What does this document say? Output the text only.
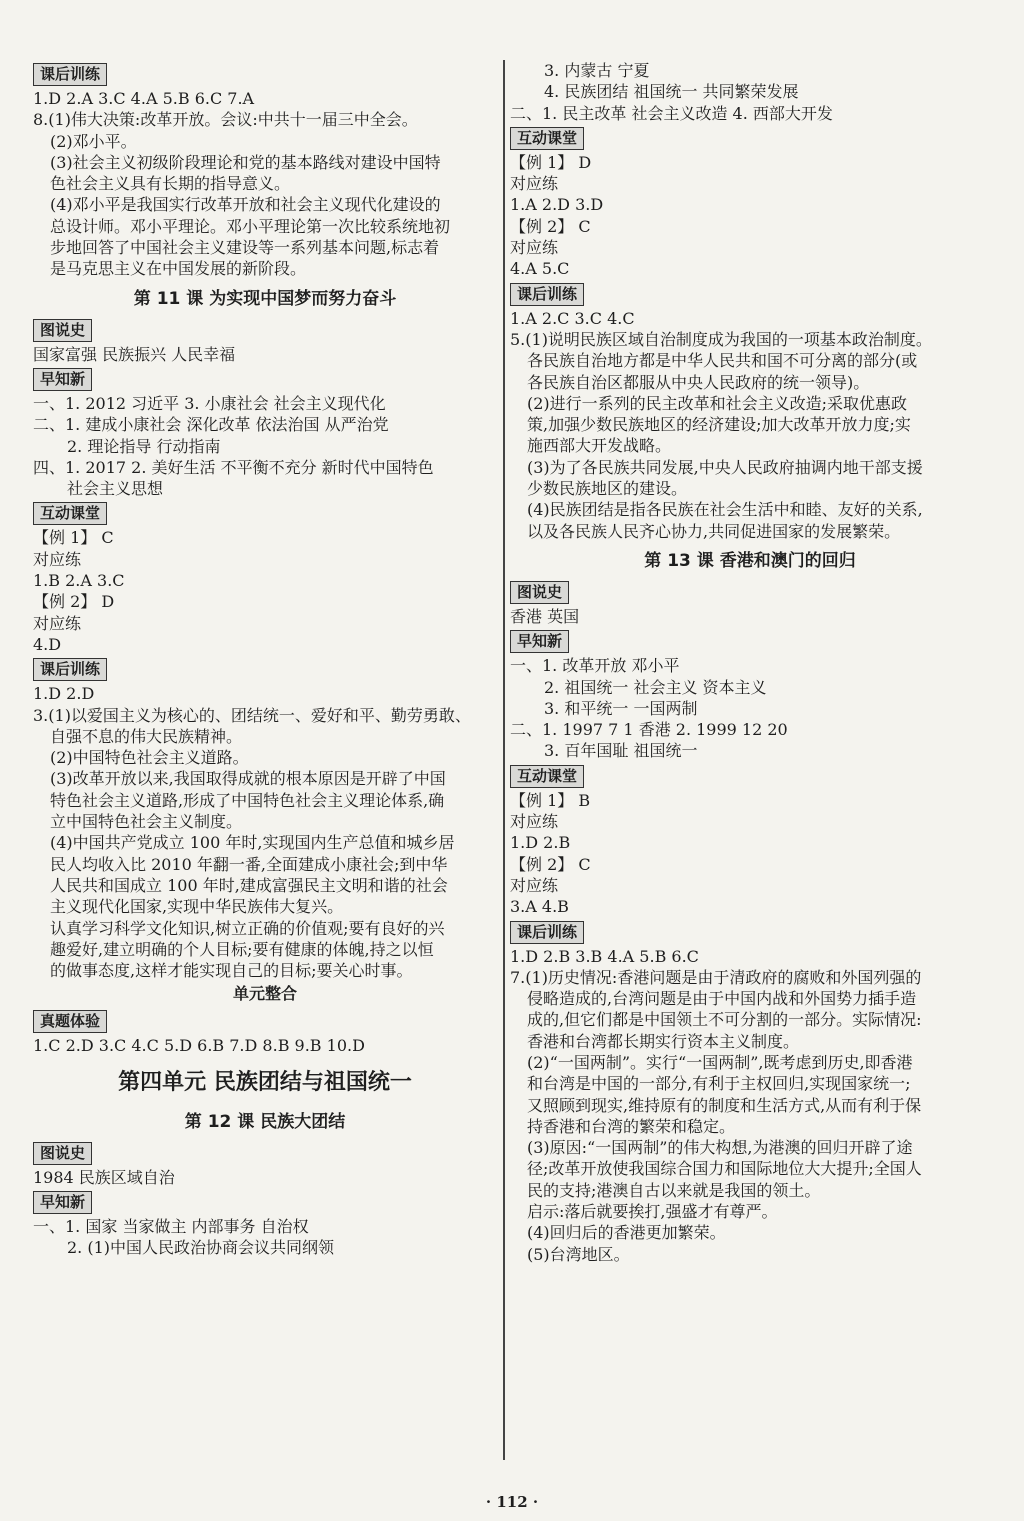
课后训练
1.D 2.A 3.C 4.A 5.B 6.C 7.A
8.(1)伟大决策:改革开放。会议:中共十一届三中全会。
(2)邓小平。
(3)社会主义初级阶段理论和党的基本路线对建设中国特
色社会主义具有长期的指导意义。
(4)邓小平是我国实行改革开放和社会主义现代化建设的
总设计师。邓小平理论。邓小平理论第一次比较系统地初
步地回答了中国社会主义建设等一系列基本问题,标志着
是马克思主义在中国发展的新阶段。
第 11 课 为实现中国梦而努力奋斗
图说史
国家富强 民族振兴 人民幸福
早知新
一、1. 2012 习近平 3. 小康社会 社会主义现代化
二、1. 建成小康社会 深化改革 依法治国 从严治党
2. 理论指导 行动指南
四、1. 2017 2. 美好生活 不平衡不充分 新时代中国特色
社会主义思想
互动课堂
【例 1】 C
对应练
1.B 2.A 3.C
【例 2】 D
对应练
4.D
课后训练
1.D 2.D
3.(1)以爱国主义为核心的、团结统一、爱好和平、勤劳勇敢、
自强不息的伟大民族精神。
(2)中国特色社会主义道路。
(3)改革开放以来,我国取得成就的根本原因是开辟了中国
特色社会主义道路,形成了中国特色社会主义理论体系,确
立中国特色社会主义制度。
(4)中国共产党成立 100 年时,实现国内生产总值和城乡居
民人均收入比 2010 年翻一番,全面建成小康社会;到中华
人民共和国成立 100 年时,建成富强民主文明和谐的社会
主义现代化国家,实现中华民族伟大复兴。
认真学习科学文化知识,树立正确的价值观;要有良好的兴
趣爱好,建立明确的个人目标;要有健康的体魄,持之以恒
的做事态度,这样才能实现自己的目标;要关心时事。
单元整合
真题体验
1.C 2.D 3.C 4.C 5.D 6.B 7.D 8.B 9.B 10.D
第四单元 民族团结与祖国统一
第 12 课 民族大团结
图说史
1984 民族区域自治
早知新
一、1. 国家 当家做主 内部事务 自治权
2. (1)中国人民政治协商会议共同纲领
3. 内蒙古 宁夏
4. 民族团结 祖国统一 共同繁荣发展
二、1. 民主改革 社会主义改造 4. 西部大开发
互动课堂
【例 1】 D
对应练
1.A 2.D 3.D
【例 2】 C
对应练
4.A 5.C
课后训练
1.A 2.C 3.C 4.C
5.(1)说明民族区域自治制度成为我国的一项基本政治制度。
各民族自治地方都是中华人民共和国不可分离的部分(或
各民族自治区都服从中央人民政府的统一领导)。
(2)进行一系列的民主改革和社会主义改造;采取优惠政
策,加强少数民族地区的经济建设;加大改革开放力度;实
施西部大开发战略。
(3)为了各民族共同发展,中央人民政府抽调内地干部支援
少数民族地区的建设。
(4)民族团结是指各民族在社会生活中和睦、友好的关系,
以及各民族人民齐心协力,共同促进国家的发展繁荣。
第 13 课 香港和澳门的回归
图说史
香港 英国
早知新
一、1. 改革开放 邓小平
2. 祖国统一 社会主义 资本主义
3. 和平统一 一国两制
二、1. 1997 7 1 香港 2. 1999 12 20
3. 百年国耻 祖国统一
互动课堂
【例 1】 B
对应练
1.D 2.B
【例 2】 C
对应练
3.A 4.B
课后训练
1.D 2.B 3.B 4.A 5.B 6.C
7.(1)历史情况:香港问题是由于清政府的腐败和外国列强的
侵略造成的,台湾问题是由于中国内战和外国势力插手造
成的,但它们都是中国领土不可分割的一部分。实际情况:
香港和台湾都长期实行资本主义制度。
(2)“一国两制”。实行“一国两制”,既考虑到历史,即香港
和台湾是中国的一部分,有利于主权回归,实现国家统一;
又照顾到现实,维持原有的制度和生活方式,从而有利于保
持香港和台湾的繁荣和稳定。
(3)原因:“一国两制”的伟大构想,为港澳的回归开辟了途
径;改革开放使我国综合国力和国际地位大大提升;全国人
民的支持;港澳自古以来就是我国的领土。
启示:落后就要挨打,强盛才有尊严。
(4)回归后的香港更加繁荣。
(5)台湾地区。
· 112 ·
